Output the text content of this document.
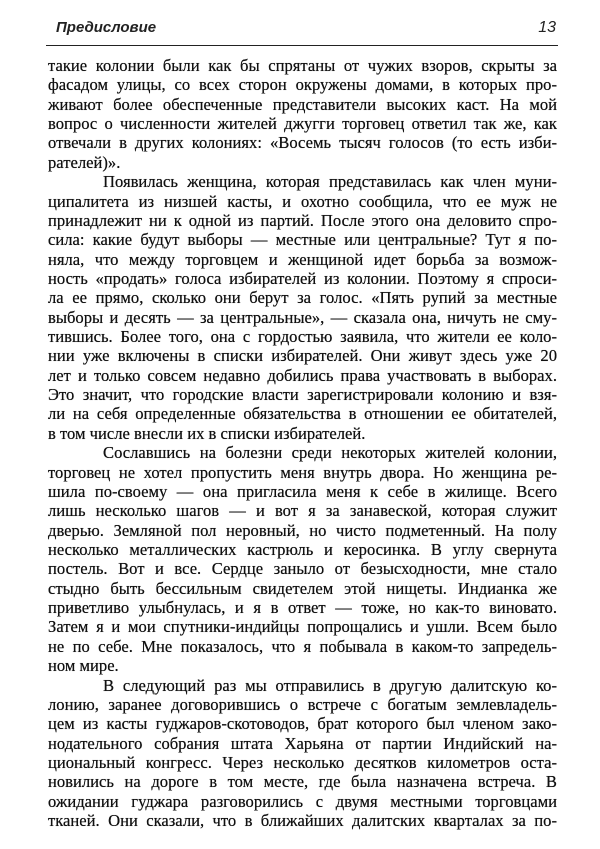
Предисловие	13
такие колонии были как бы спрятаны от чужих взоров, скрыты за
фасадом улицы, со всех сторон окружены домами, в которых про-
живают более обеспеченные представители высоких каст. На мой
вопрос о численности жителей джугги торговец ответил так же, как
отвечали в других колониях: «Восемь тысяч голосов (то есть изби-
рателей)».
Появилась женщина, которая представилась как член муни-
ципалитета из низшей касты, и охотно сообщила, что ее муж не
принадлежит ни к одной из партий. После этого она деловито спро-
сила: какие будут выборы — местные или центральные? Тут я по-
няла, что между торговцем и женщиной идет борьба за возмож-
ность «продать» голоса избирателей из колонии. Поэтому я спроси-
ла ее прямо, сколько они берут за голос. «Пять рупий за местные
выборы и десять — за центральные», — сказала она, ничуть не сму-
тившись. Более того, она с гордостью заявила, что жители ее коло-
нии уже включены в списки избирателей. Они живут здесь уже 20
лет и только совсем недавно добились права участвовать в выборах.
Это значит, что городские власти зарегистрировали колонию и взя-
ли на себя определенные обязательства в отношении ее обитателей,
в том числе внесли их в списки избирателей.
Сославшись на болезни среди некоторых жителей колонии,
торговец не хотел пропустить меня внутрь двора. Но женщина ре-
шила по-своему — она пригласила меня к себе в жилище. Всего
лишь несколько шагов — и вот я за занавеской, которая служит
дверью. Земляной пол неровный, но чисто подметенный. На полу
несколько металлических кастрюль и керосинка. В углу свернута
постель. Вот и все. Сердце заныло от безысходности, мне стало
стыдно быть бессильным свидетелем этой нищеты. Индианка же
приветливо улыбнулась, и я в ответ — тоже, но как-то виновато.
Затем я и мои спутники-индийцы попрощались и ушли. Всем было
не по себе. Мне показалось, что я побывала в каком-то запредель-
ном мире.
В следующий раз мы отправились в другую далитскую ко-
лонию, заранее договорившись о встрече с богатым землевладель-
цем из касты гуджаров-скотоводов, брат которого был членом зако-
нодательного собрания штата Харьяна от партии Индийский на-
циональный конгресс. Через несколько десятков километров оста-
новились на дороге в том месте, где была назначена встреча. В
ожидании гуджара разговорились с двумя местными торговцами
тканей. Они сказали, что в ближайших далитских кварталах за по-
